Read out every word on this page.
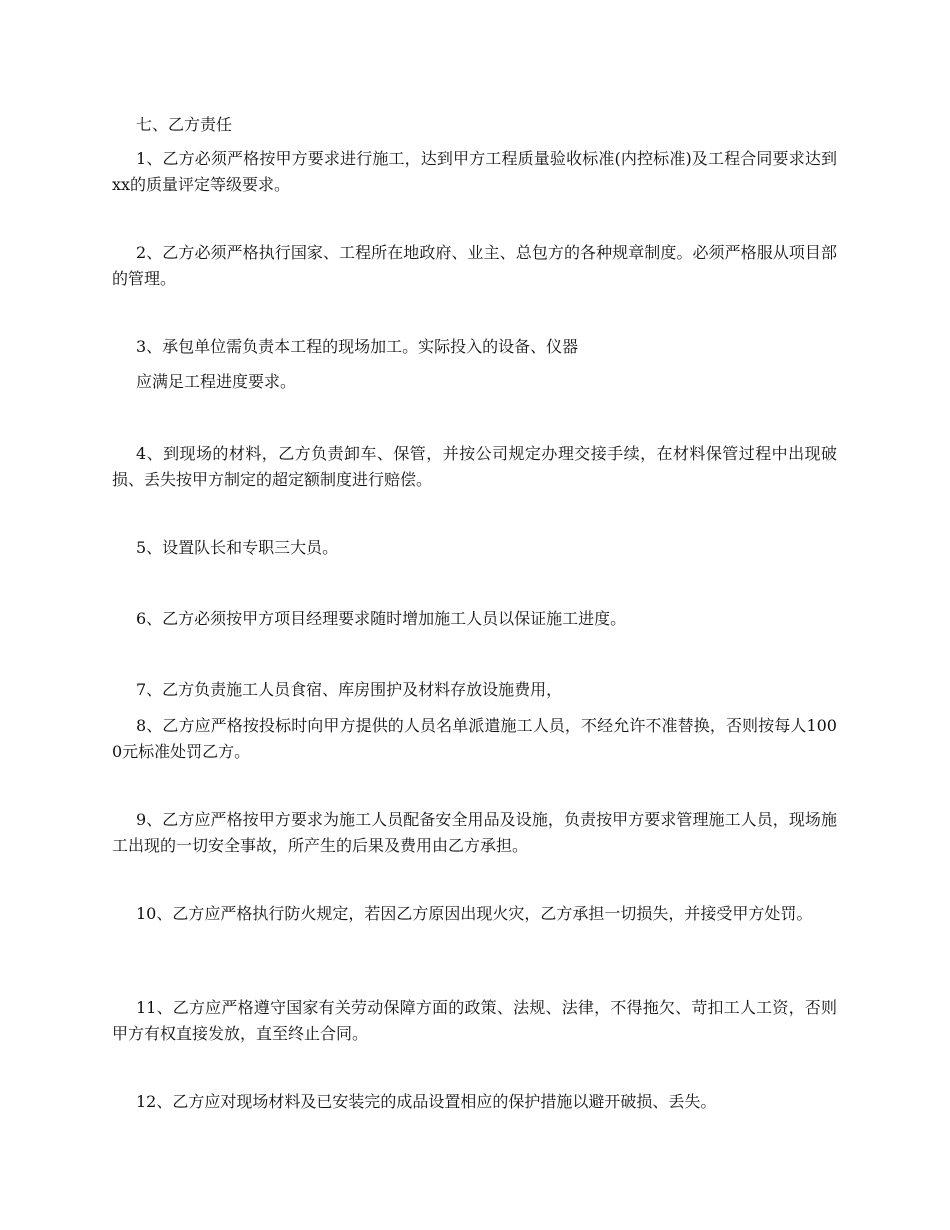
七、乙方责任
1、乙方必须严格按甲方要求进行施工，达到甲方工程质量验收标准(内控标准)及工程合同要求达到xx的质量评定等级要求。
2、乙方必须严格执行国家、工程所在地政府、业主、总包方的各种规章制度。必须严格服从项目部的管理。
3、承包单位需负责本工程的现场加工。实际投入的设备、仪器
应满足工程进度要求。
4、到现场的材料，乙方负责卸车、保管，并按公司规定办理交接手续，在材料保管过程中出现破损、丢失按甲方制定的超定额制度进行赔偿。
5、设置队长和专职三大员。
6、乙方必须按甲方项目经理要求随时增加施工人员以保证施工进度。
7、乙方负责施工人员食宿、库房围护及材料存放设施费用，
8、乙方应严格按投标时向甲方提供的人员名单派遣施工人员，不经允许不准替换，否则按每人1000元标准处罚乙方。
9、乙方应严格按甲方要求为施工人员配备安全用品及设施，负责按甲方要求管理施工人员，现场施工出现的一切安全事故，所产生的后果及费用由乙方承担。
10、乙方应严格执行防火规定，若因乙方原因出现火灾，乙方承担一切损失，并接受甲方处罚。
11、乙方应严格遵守国家有关劳动保障方面的政策、法规、法律，不得拖欠、苛扣工人工资，否则甲方有权直接发放，直至终止合同。
12、乙方应对现场材料及已安装完的成品设置相应的保护措施以避开破损、丢失。
